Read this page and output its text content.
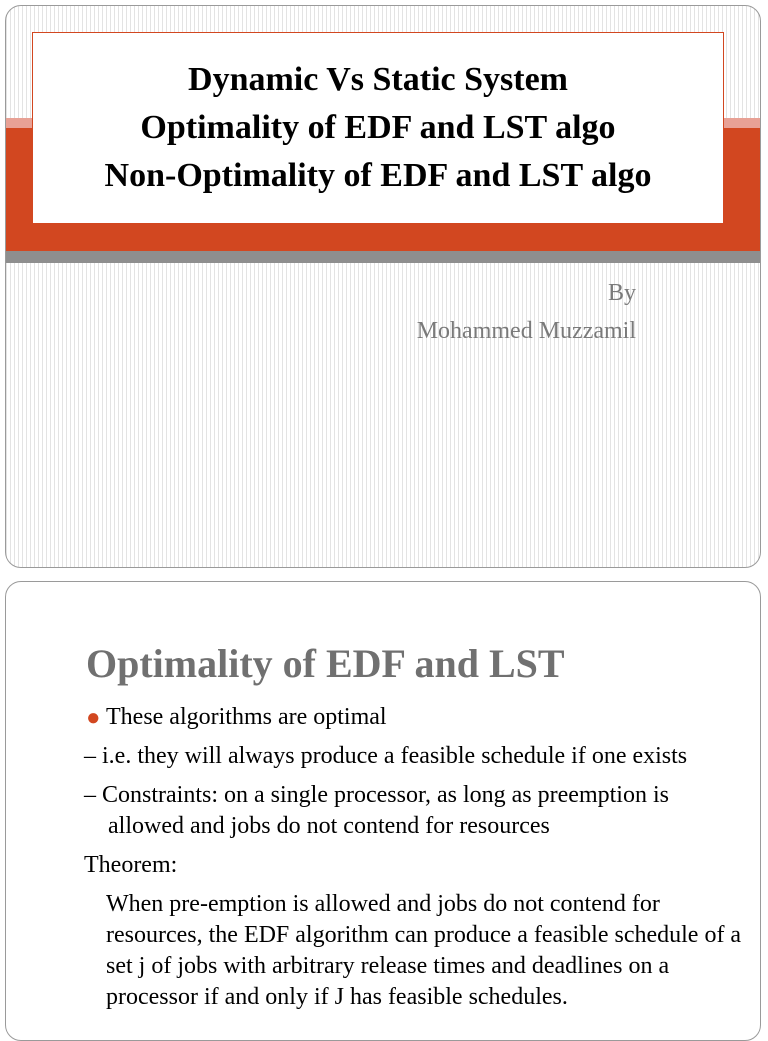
Dynamic Vs Static System
Optimality of EDF and LST algo
Non-Optimality of EDF and LST algo
By
Mohammed Muzzamil
Optimality of EDF and LST
● These algorithms are optimal
– i.e. they will always produce a feasible schedule if one exists
– Constraints: on a single processor, as long as preemption is allowed and jobs do not contend for resources
Theorem:
When pre-emption is allowed and jobs do not contend for resources, the EDF algorithm can produce a feasible schedule of a set j of jobs with arbitrary release times and deadlines on a processor if and only if J has feasible schedules.
